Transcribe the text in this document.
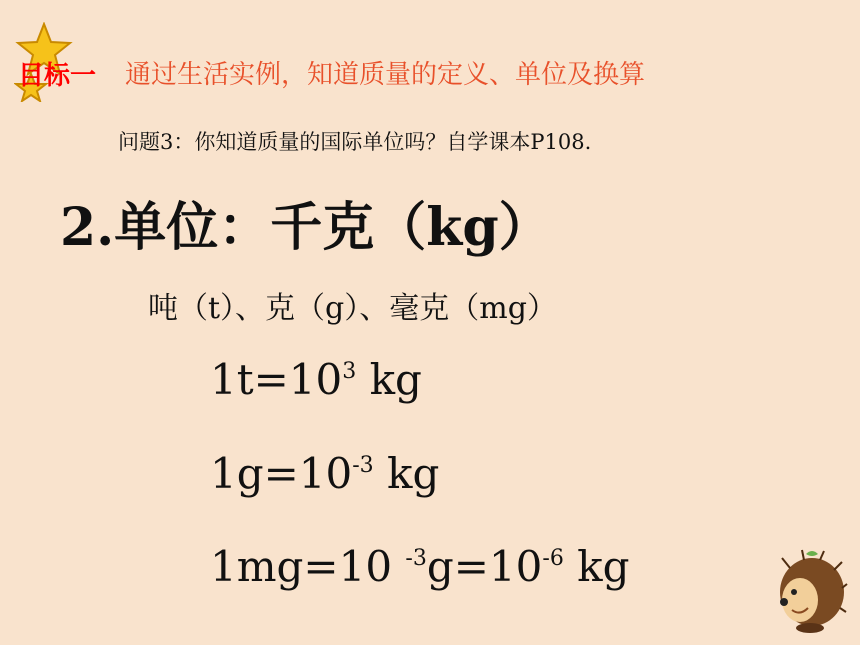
目标一 通过生活实例，知道质量的定义、单位及换算
问题3：你知道质量的国际单位吗？自学课本P108.
2.单位：千克（kg）
吨（t）、克（g）、毫克（mg）
$1t=10^3$ kg
$1g=10^{-3}$ kg
1mg=10 $^{-3}g=10^{-6}$ kg
